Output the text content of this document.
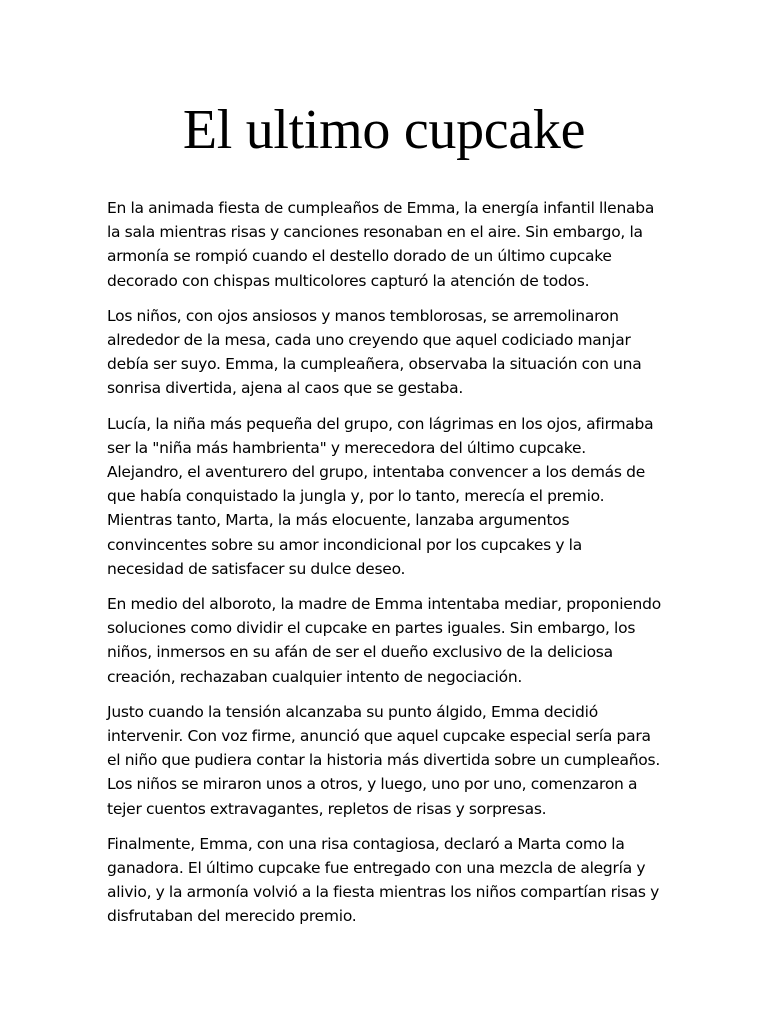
El ultimo cupcake

En la animada fiesta de cumpleaños de Emma, la energía infantil llenaba la sala mientras risas y canciones resonaban en el aire. Sin embargo, la armonía se rompió cuando el destello dorado de un último cupcake decorado con chispas multicolores capturó la atención de todos.

Los niños, con ojos ansiosos y manos temblorosas, se arremolinaron alrededor de la mesa, cada uno creyendo que aquel codiciado manjar debía ser suyo. Emma, la cumpleañera, observaba la situación con una sonrisa divertida, ajena al caos que se gestaba.

Lucía, la niña más pequeña del grupo, con lágrimas en los ojos, afirmaba ser la "niña más hambrienta" y merecedora del último cupcake. Alejandro, el aventurero del grupo, intentaba convencer a los demás de que había conquistado la jungla y, por lo tanto, merecía el premio. Mientras tanto, Marta, la más elocuente, lanzaba argumentos convincentes sobre su amor incondicional por los cupcakes y la necesidad de satisfacer su dulce deseo.

En medio del alboroto, la madre de Emma intentaba mediar, proponiendo soluciones como dividir el cupcake en partes iguales. Sin embargo, los niños, inmersos en su afán de ser el dueño exclusivo de la deliciosa creación, rechazaban cualquier intento de negociación.

Justo cuando la tensión alcanzaba su punto álgido, Emma decidió intervenir. Con voz firme, anunció que aquel cupcake especial sería para el niño que pudiera contar la historia más divertida sobre un cumpleaños. Los niños se miraron unos a otros, y luego, uno por uno, comenzaron a tejer cuentos extravagantes, repletos de risas y sorpresas.

Finalmente, Emma, con una risa contagiosa, declaró a Marta como la ganadora. El último cupcake fue entregado con una mezcla de alegría y alivio, y la armonía volvió a la fiesta mientras los niños compartían risas y disfrutaban del merecido premio.
